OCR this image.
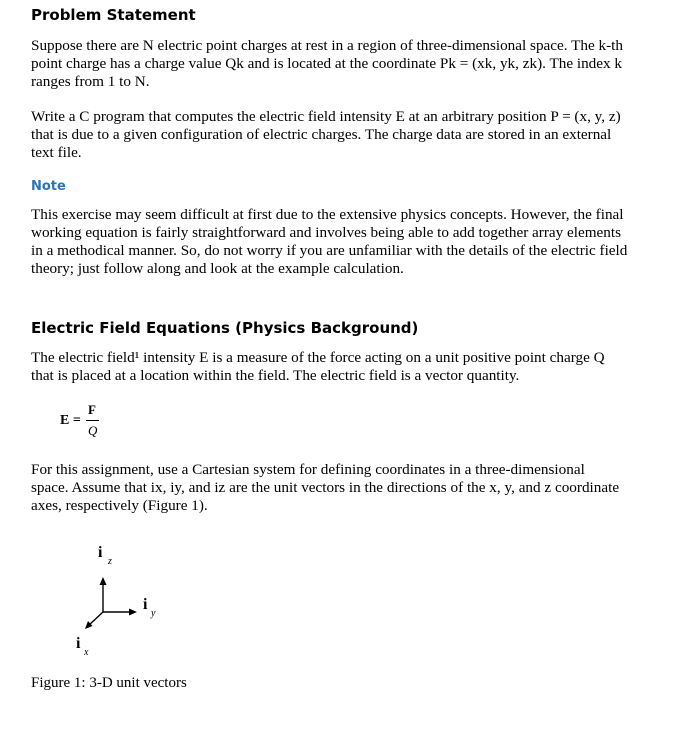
Problem Statement

Suppose there are N electric point charges at rest in a region of three-dimensional space. The k-th

point charge has a charge value Qk and is located at the coordinate Pk = (xk, yk, zk). The index k

ranges from 1 to N.

Write a C program that computes the electric field intensity E at an arbitrary position P = (x, y, z)

that is due to a given configuration of electric charges. The charge data are stored in an external

text file.

Note

This exercise may seem difficult at first due to the extensive physics concepts. However, the final

working equation is fairly straightforward and involves being able to add together array elements

in a methodical manner. So, do not worry if you are unfamiliar with the details of the electric field

theory; just follow along and look at the example calculation.

Electric Field Equations (Physics Background)

The electric field¹ intensity E is a measure of the force acting on a unit positive point charge Q

that is placed at a location within the field. The electric field is a vector quantity.

E =
F
Q

For this assignment, use a Cartesian system for defining coordinates in a three-dimensional

space. Assume that ix, iy, and iz are the unit vectors in the directions of the x, y, and z coordinate

axes, respectively (Figure 1).

i
z
i
y
i
x
Figure 1: 3-D unit vectors
